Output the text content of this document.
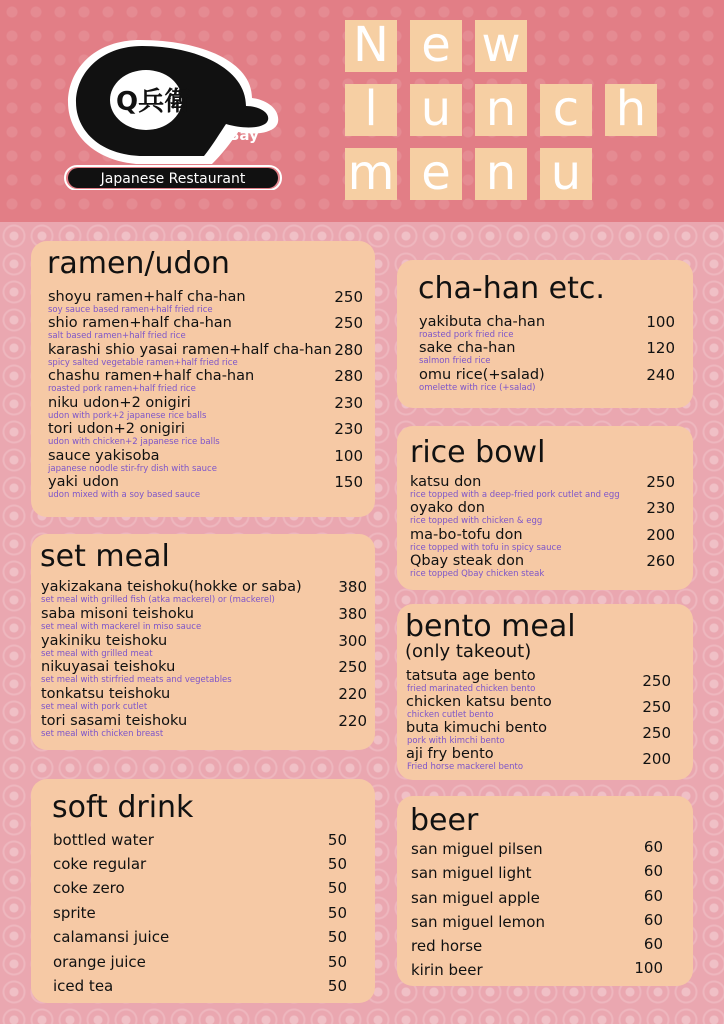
Q兵衛
Bay
Japanese Restaurant
N e w
l u n c h
m e n u
ramen/udon
shoyu ramen+half cha-han	250
soy sauce based ramen+half fried rice
shio ramen+half cha-han	250
salt based ramen+half fried rice
karashi shio yasai ramen+half cha-han 280
spicy salted vegetable ramen+half fried rice
chashu ramen+half cha-han	280
roasted pork ramen+half fried rice
niku udon+2 onigiri	230
udon with pork+2 japanese rice balls
tori udon+2 onigiri	230
udon with chicken+2 japanese rice balls
sauce yakisoba	100
japanese noodle stir-fry dish with sauce
yaki udon	150
udon mixed with a soy based sauce
cha-han etc.
yakibuta cha-han	100
roasted pork fried rice
sake cha-han	120
salmon fried rice
omu rice(+salad)	240
omelette with rice (+salad)
rice bowl
katsu don	250
rice topped with a deep-fried pork cutlet and egg
oyako don	230
rice topped with chicken & egg
ma-bo-tofu don	200
rice topped with tofu in spicy sauce
Qbay steak don	260
rice topped Qbay chicken steak
set meal
yakizakana teishoku(hokke or saba) 380
set meal with grilled fish (atka mackerel) or (mackerel)
saba misoni teishoku	380
set meal with mackerel in miso sauce
yakiniku teishoku	300
set meal with grilled meat
nikuyasai teishoku	250
set meal with stirfried meats and vegetables
tonkatsu teishoku	220
set meal with pork cutlet
tori sasami teishoku	220
set meal with chicken breast
bento meal
(only takeout)
tatsuta age bento	250
fried marinated chicken bento
chicken katsu bento	250
chicken cutlet bento
buta kimuchi bento	250
pork with kimchi bento
aji fry bento	200
Fried horse mackerel bento
soft drink
bottled water	50
coke regular	50
coke zero	50
sprite	50
calamansi juice	50
orange juice	50
iced tea	50
beer
san miguel pilsen	60
san miguel light	60
san miguel apple	60
san miguel lemon	60
red horse	60
kirin beer	100
